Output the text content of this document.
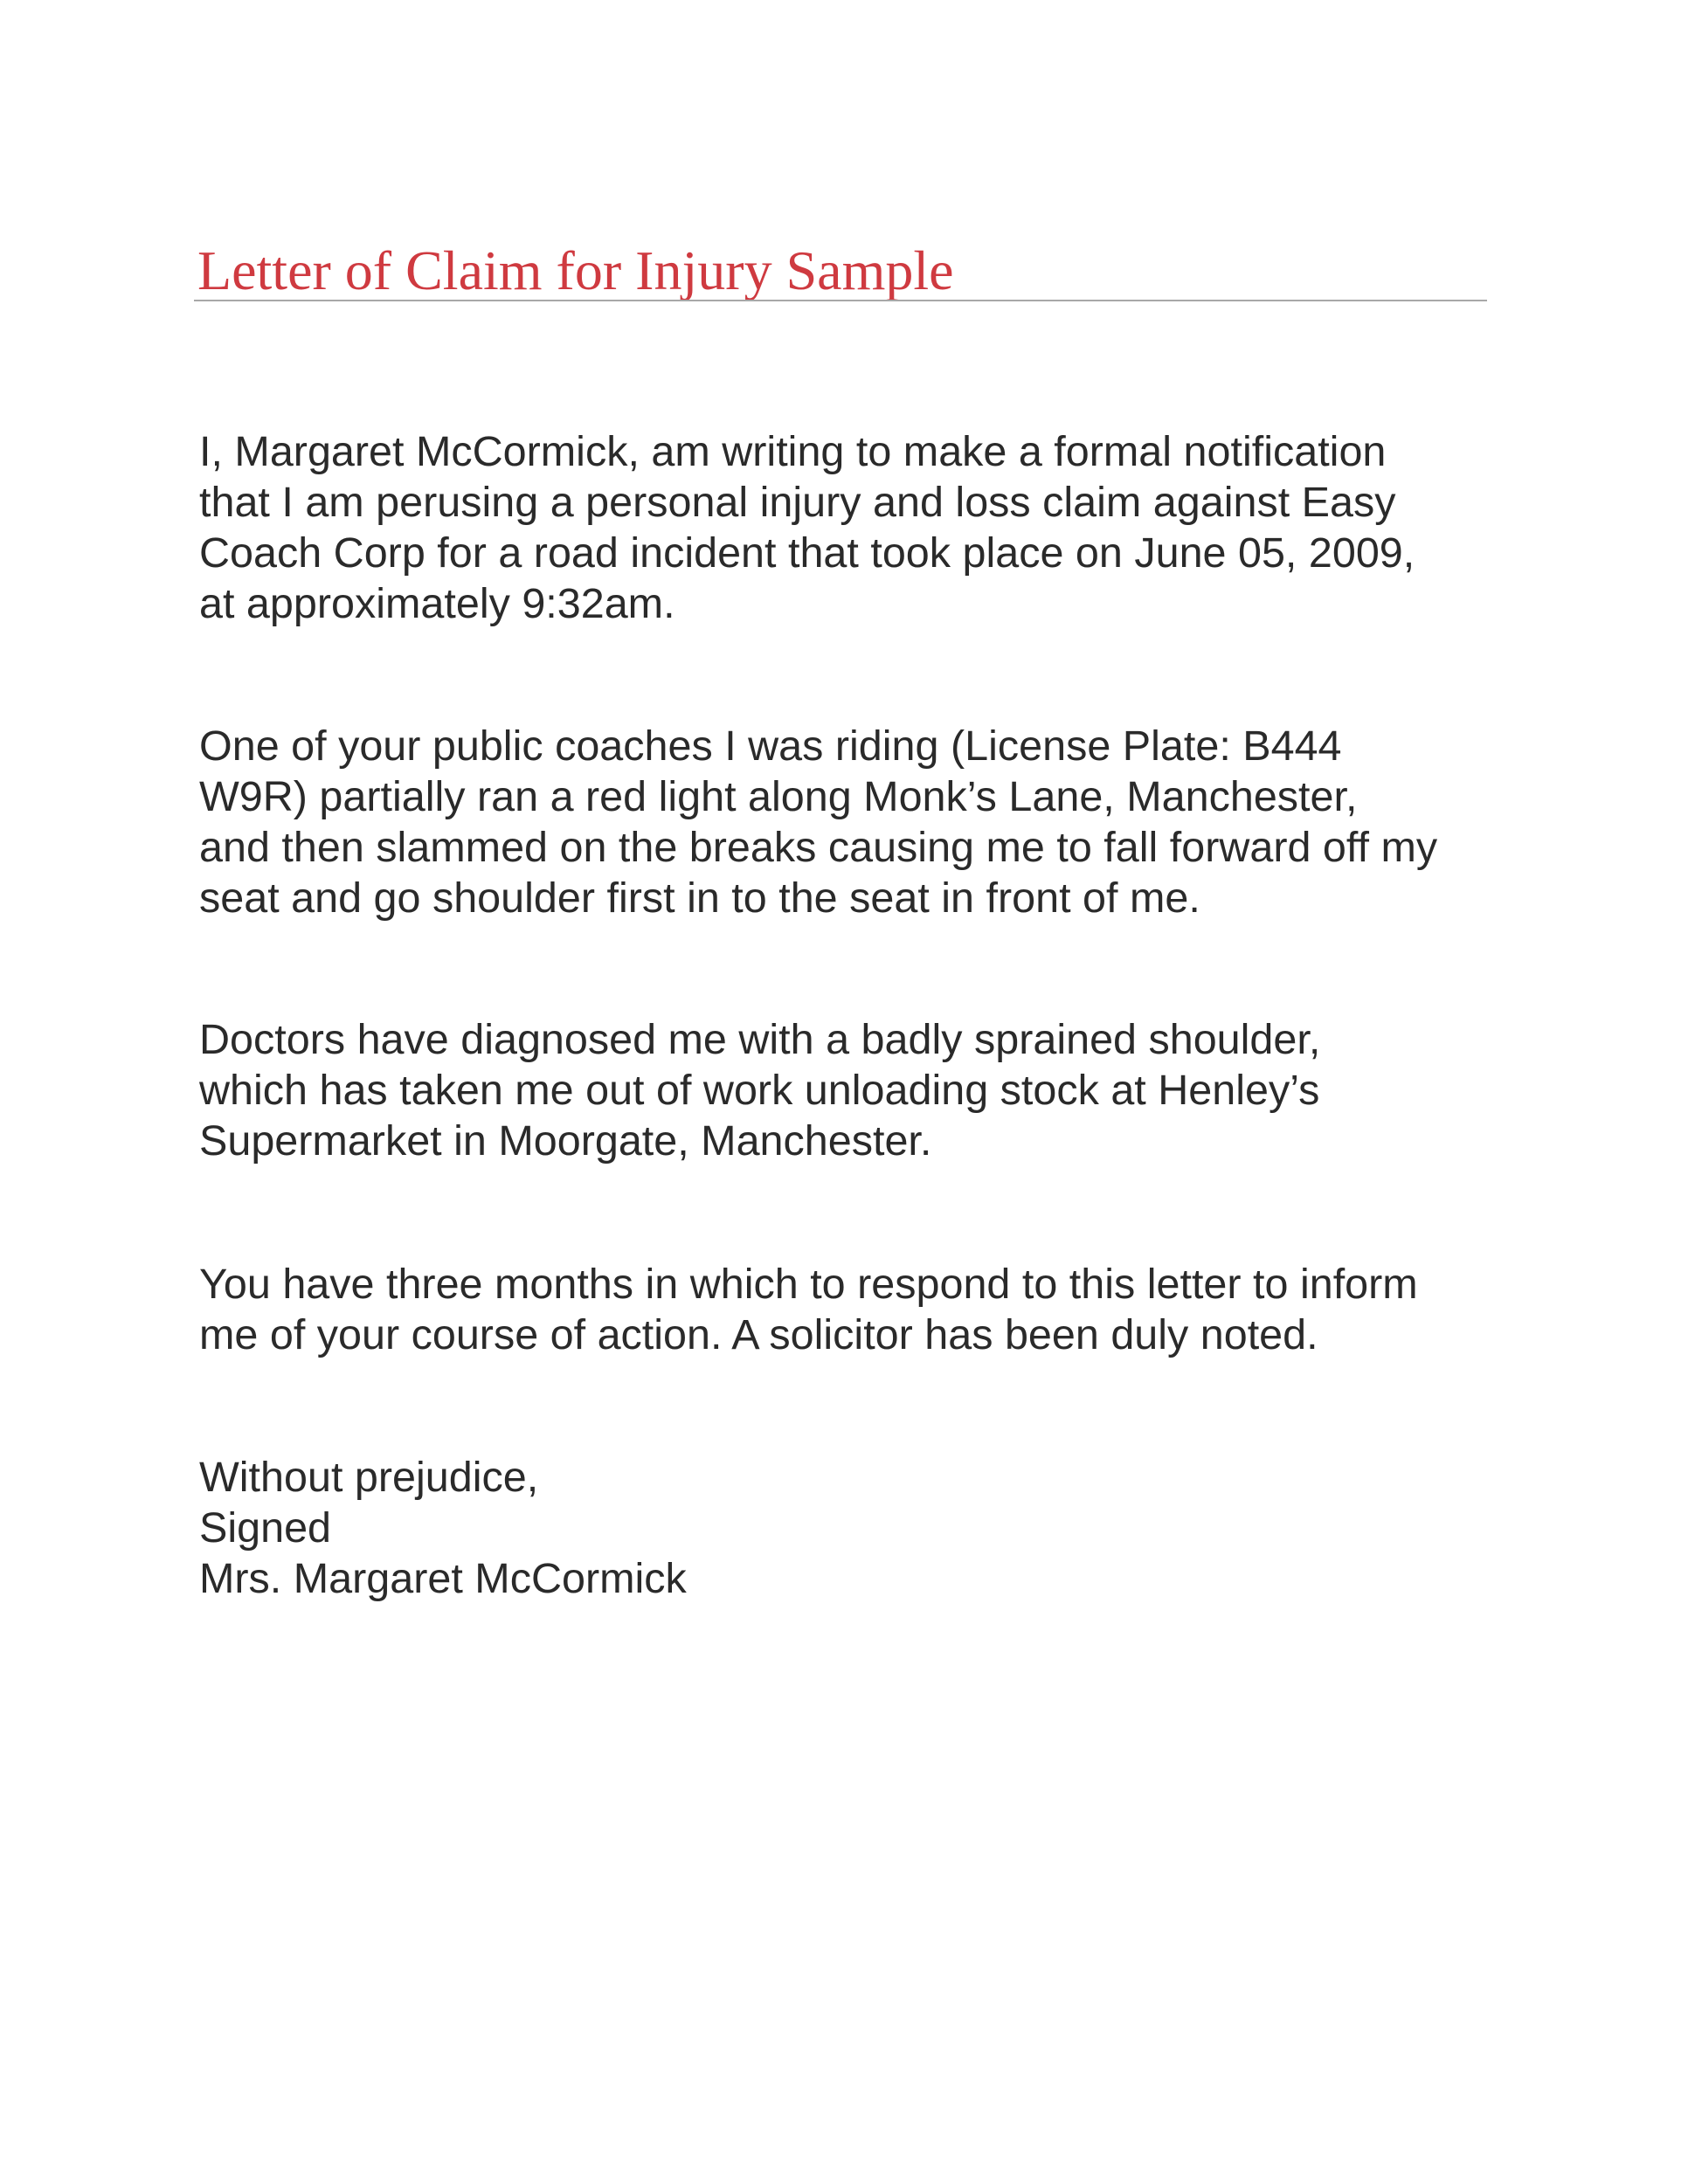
Letter of Claim for Injury Sample

I, Margaret McCormick, am writing to make a formal notification
that I am perusing a personal injury and loss claim against Easy
Coach Corp for a road incident that took place on June 05, 2009,
at approximately 9:32am.

One of your public coaches I was riding (License Plate: B444
W9R) partially ran a red light along Monk’s Lane, Manchester,
and then slammed on the breaks causing me to fall forward off my
seat and go shoulder first in to the seat in front of me.

Doctors have diagnosed me with a badly sprained shoulder,
which has taken me out of work unloading stock at Henley’s
Supermarket in Moorgate, Manchester.

You have three months in which to respond to this letter to inform
me of your course of action. A solicitor has been duly noted.

Without prejudice,
Signed
Mrs. Margaret McCormick
